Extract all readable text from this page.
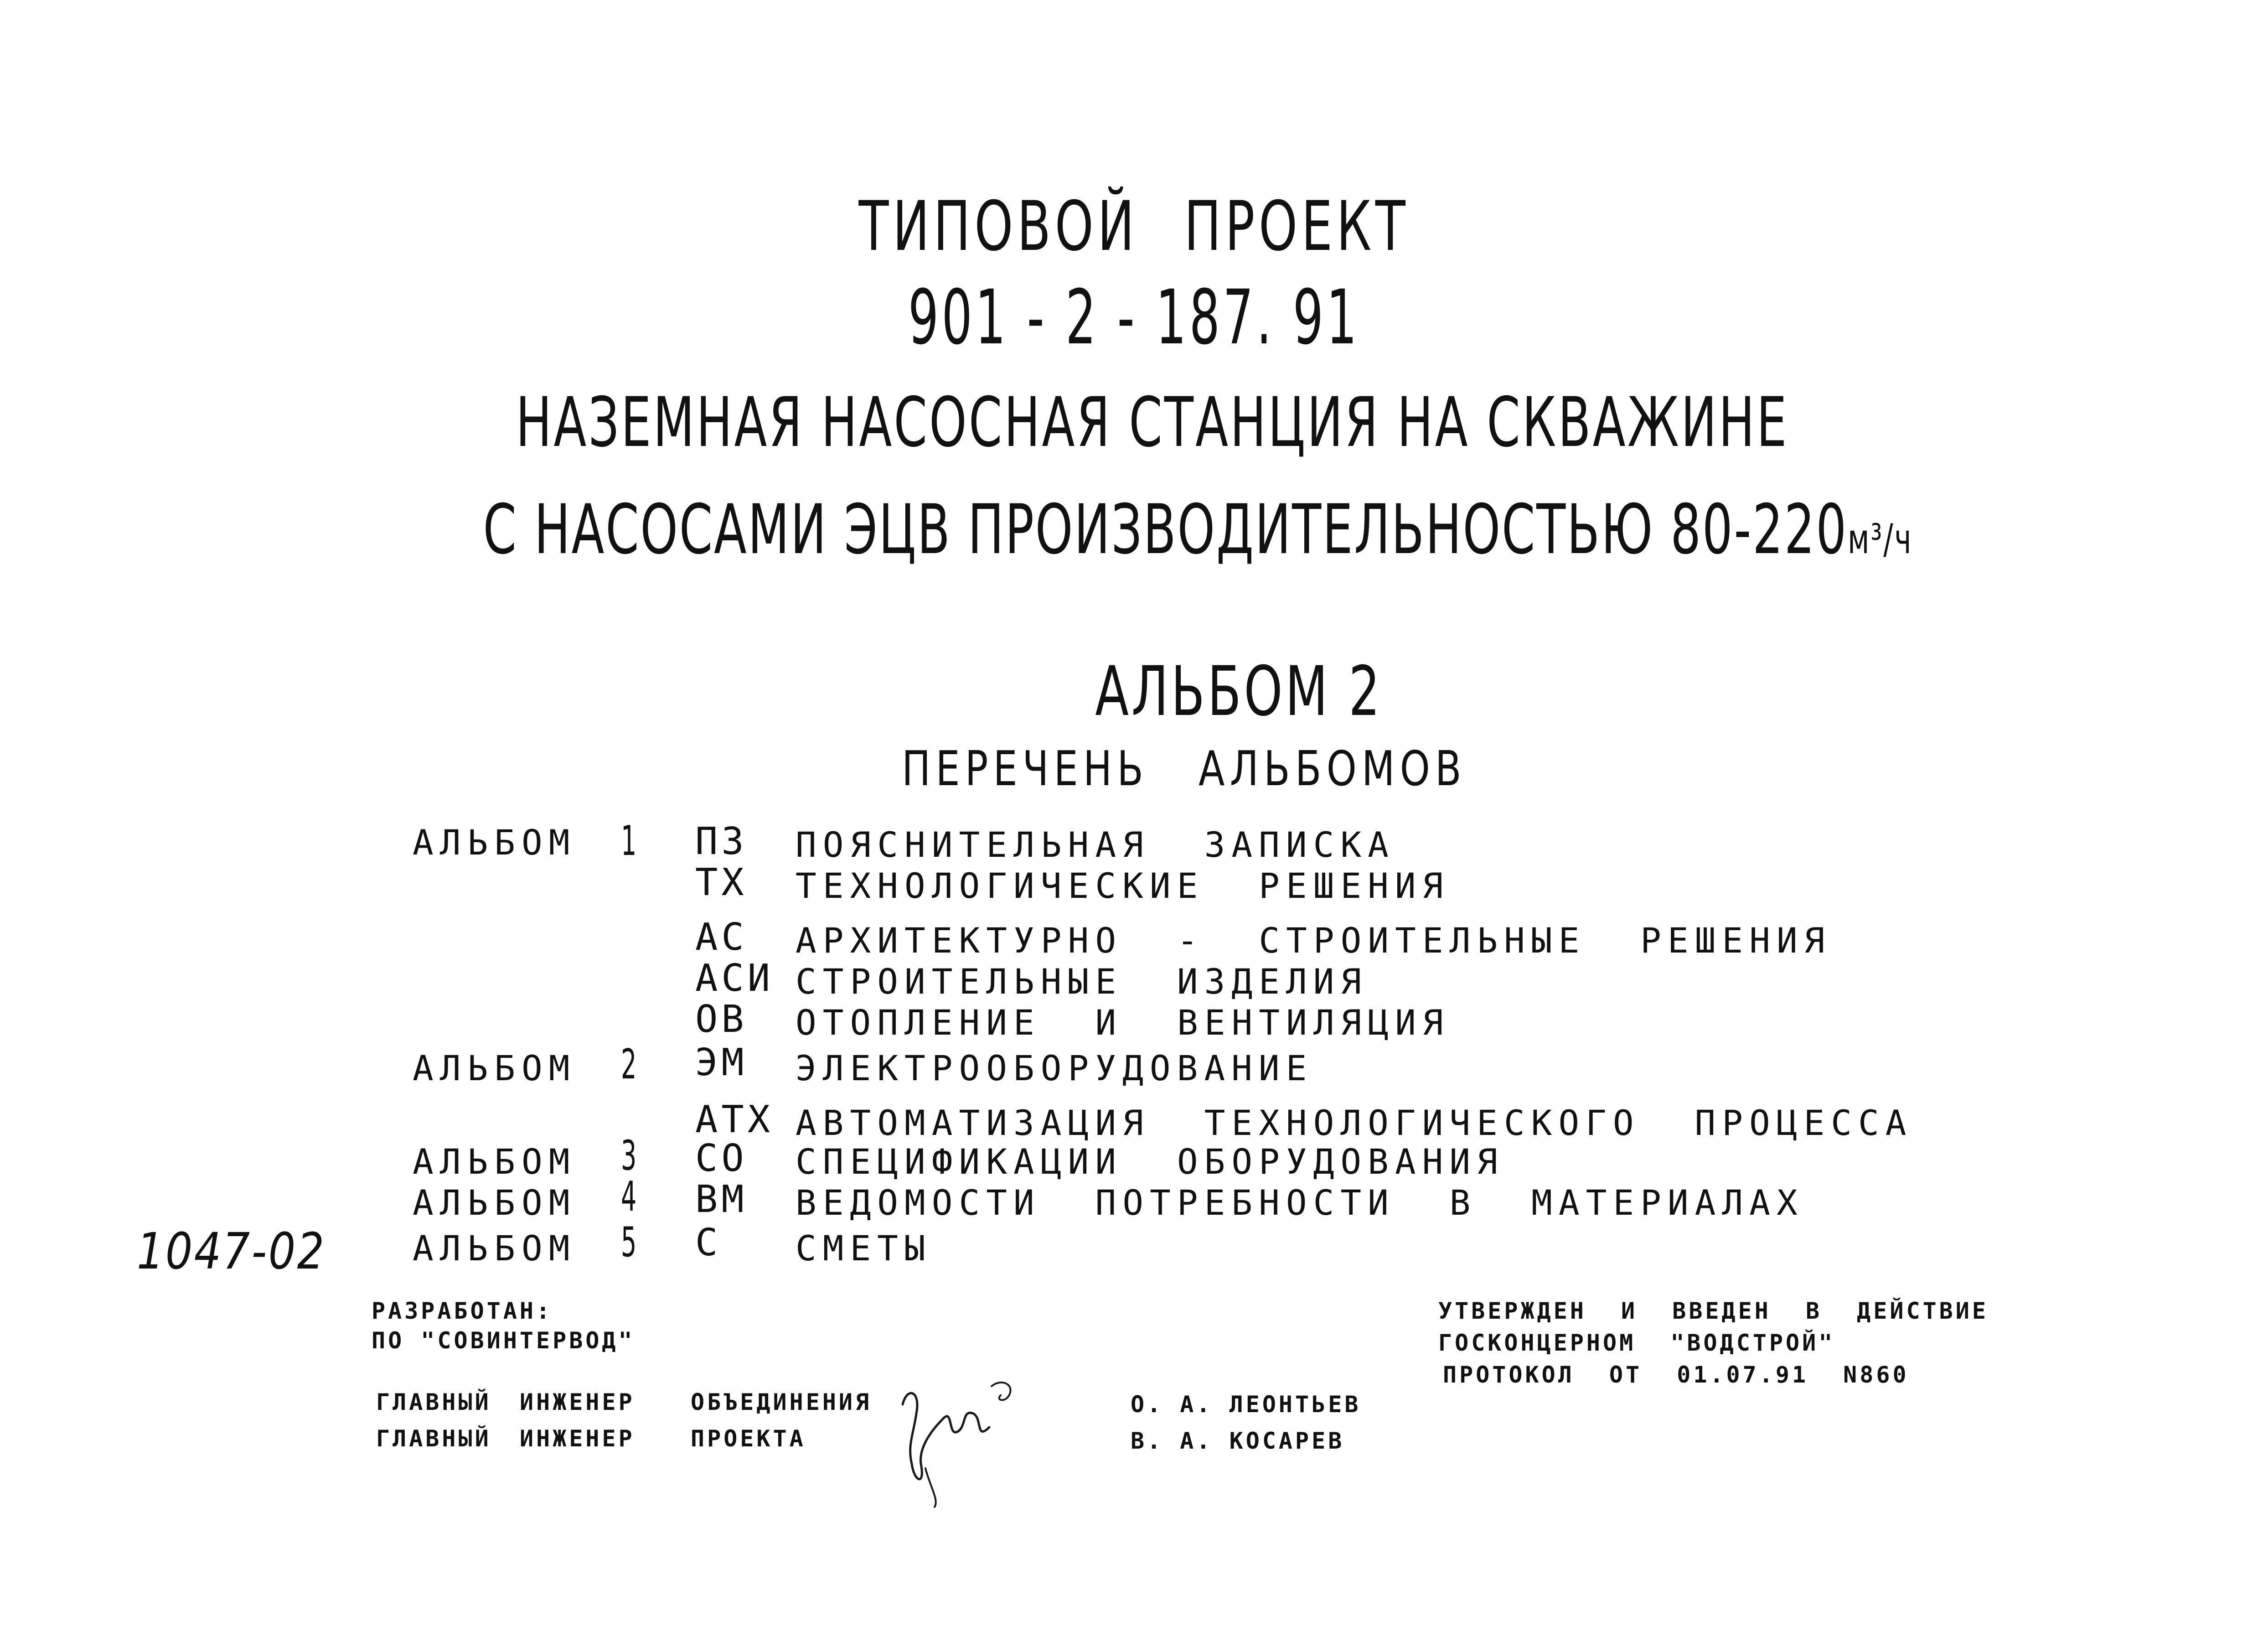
ТИПОВОЙ ПРОЕКТ
901 - 2 - 187. 91
НАЗЕМНАЯ НАСОСНАЯ СТАНЦИЯ НА СКВАЖИНЕ
С НАСОСАМИ ЭЦВ ПРОИЗВОДИТЕЛЬНОСТЬЮ 80-220м³/ч
АЛЬБОМ 2
ПЕРЕЧЕНЬ АЛЬБОМОВ
АЛЬБОМ 1 ПЗ ПОЯСНИТЕЛЬНАЯ ЗАПИСКА
ТХ ТЕХНОЛОГИЧЕСКИЕ РЕШЕНИЯ
АС АРХИТЕКТУРНО - СТРОИТЕЛЬНЫЕ РЕШЕНИЯ
АСИ СТРОИТЕЛЬНЫЕ ИЗДЕЛИЯ
ОВ ОТОПЛЕНИЕ И ВЕНТИЛЯЦИЯ
АЛЬБОМ 2 ЭМ ЭЛЕКТРООБОРУДОВАНИЕ
АТХ АВТОМАТИЗАЦИЯ ТЕХНОЛОГИЧЕСКОГО ПРОЦЕССА
АЛЬБОМ 3 СО СПЕЦИФИКАЦИИ ОБОРУДОВАНИЯ
АЛЬБОМ 4 ВМ ВЕДОМОСТИ ПОТРЕБНОСТИ В МАТЕРИАЛАХ
АЛЬБОМ 5 С СМЕТЫ
1047-02
РАЗРАБОТАН:
ПО "СОВИНТЕРВОД"
УТВЕРЖДЕН И ВВЕДЕН В ДЕЙСТВИЕ
ГОСКОНЦЕРНОМ "ВОДСТРОЙ"
ПРОТОКОЛ ОТ 01.07.91 N860
ГЛАВНЫЙ ИНЖЕНЕР ОБЪЕДИНЕНИЯ	О. А. ЛЕОНТЬЕВ
ГЛАВНЫЙ ИНЖЕНЕР ПРОЕКТА	В. А. КОСАРЕВ
